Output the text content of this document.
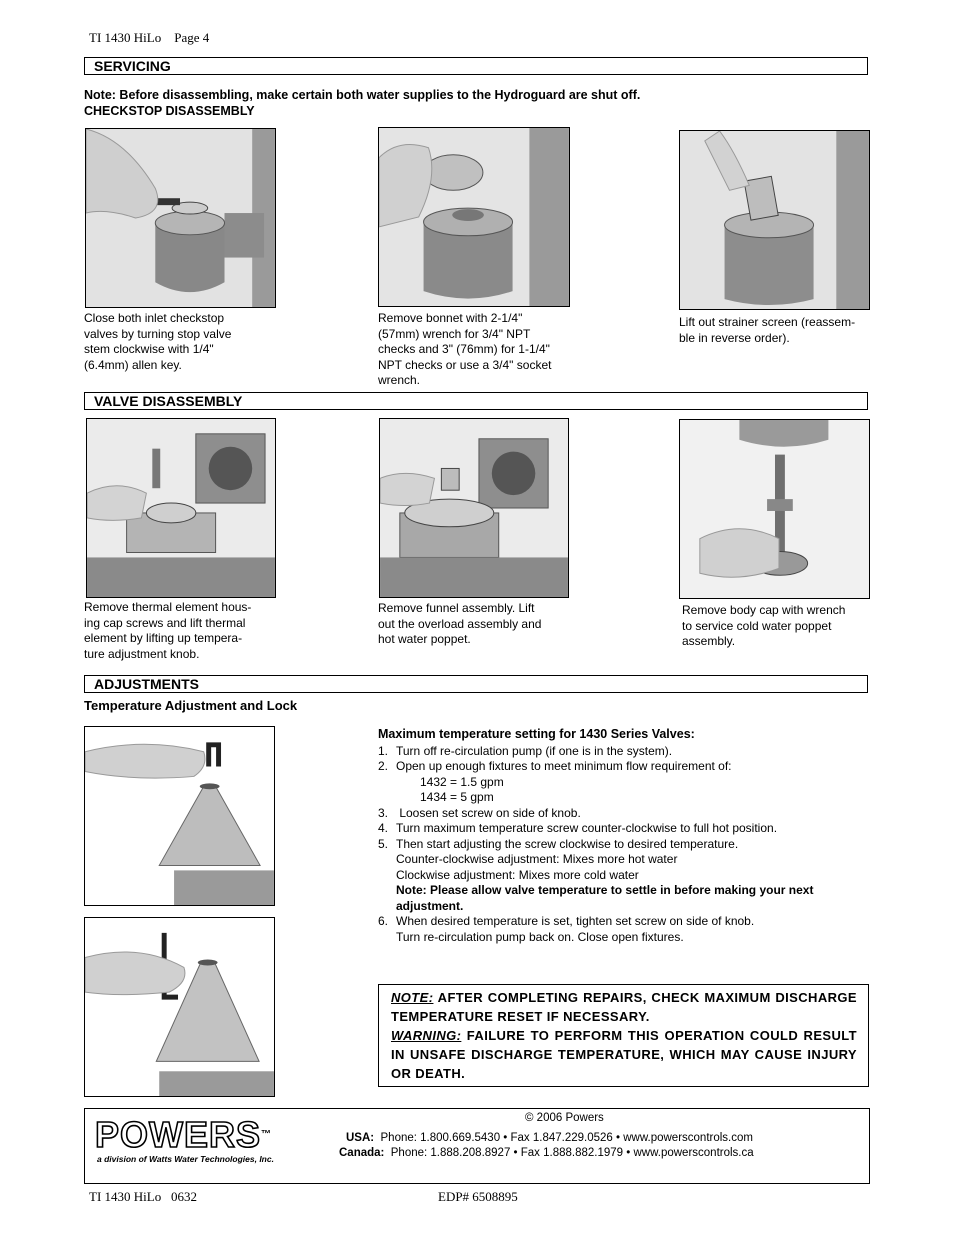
TI 1430 HiLo Page 4
SERVICING
Note: Before disassembling, make certain both water supplies to the Hydroguard are shut off.
CHECKSTOP DISASSEMBLY
Close both inlet checkstop
valves by turning stop valve
stem clockwise with 1/4"
(6.4mm) allen key.
Remove bonnet with 2-1/4"
(57mm) wrench for 3/4" NPT
checks and 3" (76mm) for 1-1/4"
NPT checks or use a 3/4" socket
wrench.
Lift out strainer screen (reassem-
ble in reverse order).
VALVE DISASSEMBLY
Remove thermal element hous-
ing cap screws and lift thermal
element by lifting up tempera-
ture adjustment knob.
Remove funnel assembly. Lift
out the overload assembly and
hot water poppet.
Remove body cap with wrench
to service cold water poppet
assembly.
ADJUSTMENTS
Temperature Adjustment and Lock
Maximum temperature setting for 1430 Series Valves:
1. Turn off re-circulation pump (if one is in the system).
2. Open up enough fixtures to meet minimum flow requirement of:
1432 = 1.5 gpm
1434 = 5 gpm
3. Loosen set screw on side of knob.
4. Turn maximum temperature screw counter-clockwise to full hot position.
5. Then start adjusting the screw clockwise to desired temperature.
Counter-clockwise adjustment: Mixes more hot water
Clockwise adjustment: Mixes more cold water
Note: Please allow valve temperature to settle in before making your next
adjustment.
6. When desired temperature is set, tighten set screw on side of knob.
Turn re-circulation pump back on. Close open fixtures.
NOTE: AFTER COMPLETING REPAIRS, CHECK MAXIMUM DISCHARGE TEMPERATURE RESET IF NECESSARY.
WARNING: FAILURE TO PERFORM THIS OPERATION COULD RESULT IN UNSAFE DISCHARGE TEMPERATURE, WHICH MAY CAUSE INJURY OR DEATH.
POWERS™
a division of Watts Water Technologies, Inc.
© 2006 Powers
USA: Phone: 1.800.669.5430 • Fax 1.847.229.0526 • www.powerscontrols.com
Canada: Phone: 1.888.208.8927 • Fax 1.888.882.1979 • www.powerscontrols.ca
TI 1430 HiLo   0632	EDP# 6508895
